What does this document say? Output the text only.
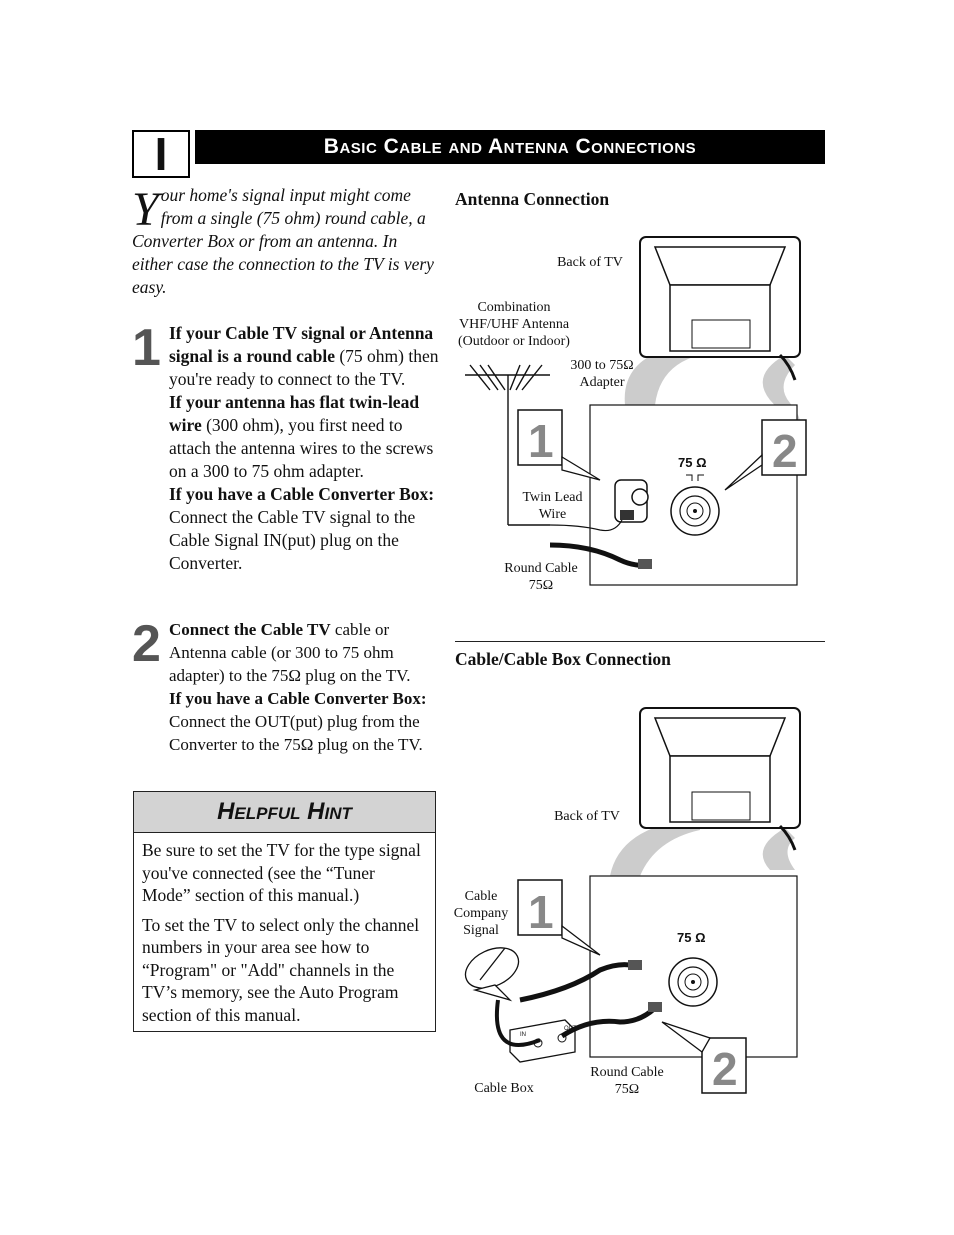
I	Basic Cable and Antenna Connections
Your home's signal input might come from a single (75 ohm) round cable, a Converter Box or from an antenna. In either case the connection to the TV is very easy.
1 If your Cable TV signal or Antenna signal is a round cable (75 ohm) then you're ready to connect to the TV.
If your antenna has flat twin-lead wire (300 ohm), you first need to attach the antenna wires to the screws on a 300 to 75 ohm adapter.
If you have a Cable Converter Box: Connect the Cable TV signal to the Cable Signal IN(put) plug on the Converter.
2 Connect the Cable TV cable or Antenna cable (or 300 to 75 ohm adapter) to the 75Ω plug on the TV.
If you have a Cable Converter Box: Connect the OUT(put) plug from the Converter to the 75Ω plug on the TV.
Helpful Hint

Be sure to set the TV for the type signal you've connected (see the “Tuner Mode” section of this manual.)

To set the TV to select only the channel numbers in your area see how to “Program" or "Add" channels in the TV’s memory, see the Auto Program section of this manual.

Antenna Connection
Cable/Cable Box Connection
75 Ω
1	2
Back of TV
Combination
VHF/UHF Antenna
(Outdoor or Indoor)
300 to 75Ω
Adapter
Twin Lead
Wire
Round Cable
75Ω
75 Ω
IN
OUT
1
2
Back of TV
Cable
Company
Signal
Cable Box
Round Cable
75Ω
